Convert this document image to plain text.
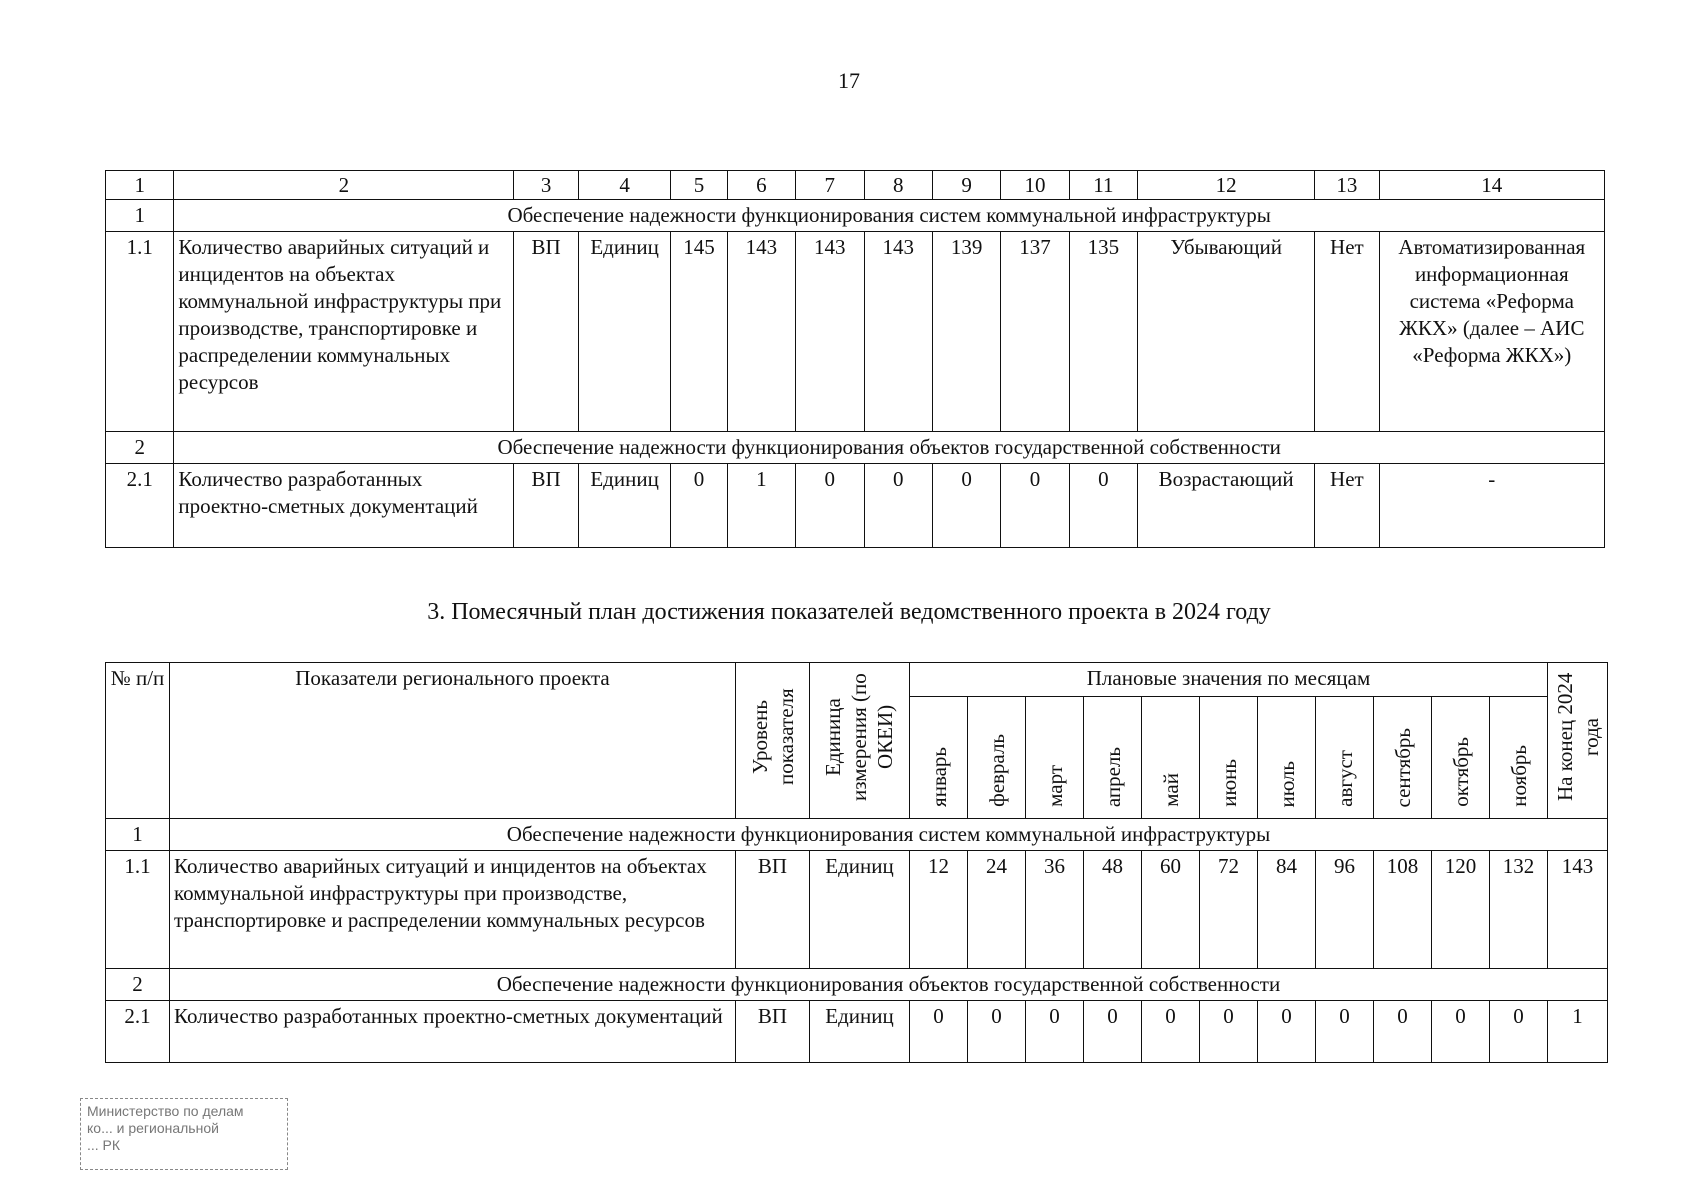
17
1	2	3	4	5	6	7	8	9	10	11	12	13	14
1	Обеспечение надежности функционирования систем коммунальной инфраструктуры												
1.1	Количество аварийных ситуаций и инцидентов на объектах коммунальной инфраструктуры при производстве, транспортировке и распределении коммунальных ресурсов	ВП	Единиц	145	143	143	143	139	137	135	Убывающий	Нет	Автоматизированная информационная система «Реформа ЖКХ» (далее – АИС «Реформа ЖКХ»)
2	Обеспечение надежности функционирования объектов государственной собственности												
2.1	Количество разработанных проектно-сметных документаций	ВП	Единиц	0	1	0	0	0	0	0	Возрастающий	Нет	-
3. Помесячный план достижения показателей ведомственного проекта в 2024 году
№ п/п	Показатели регионального проекта	Уровень показателя	Единица измерения (по ОКЕИ)	Плановые значения по месяцам											На конец 2024 года
				январь	февраль	март	апрель	май	июнь	июль	август	сентябрь	октябрь	ноябрь	
1	Обеспечение надежности функционирования систем коммунальной инфраструктуры														
1.1	Количество аварийных ситуаций и инцидентов на объектах коммунальной инфраструктуры при производстве, транспортировке и распределении коммунальных ресурсов	ВП	Единиц	12	24	36	48	60	72	84	96	108	120	132	143
2	Обеспечение надежности функционирования объектов государственной собственности														
2.1	Количество разработанных проектно-сметных документаций	ВП	Единиц	0	0	0	0	0	0	0	0	0	0	0	1
Министерство по делам
ко... и региональной
... РК
